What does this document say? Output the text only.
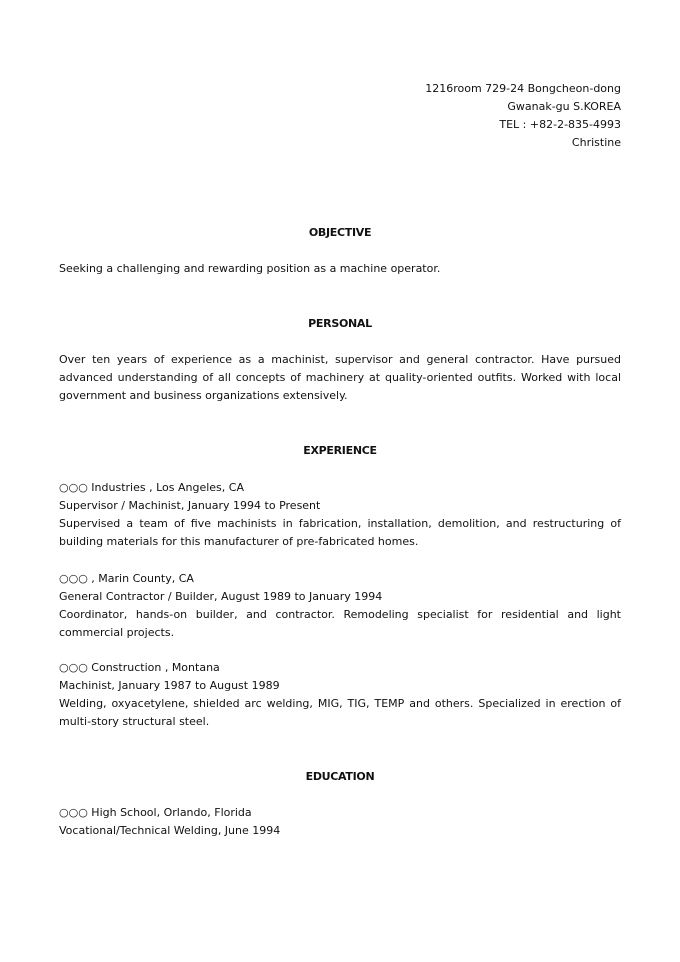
1216room 729-24 Bongcheon-dong
Gwanak-gu S.KOREA
TEL : +82-2-835-4993
Christine
OBJECTIVE
Seeking a challenging and rewarding position as a machine operator.
PERSONAL
Over ten years of experience as a machinist, supervisor and general contractor. Have pursued advanced understanding of all concepts of machinery at quality-oriented outfits. Worked with local government and business organizations extensively.
EXPERIENCE
○○○ Industries , Los Angeles, CA
Supervisor / Machinist, January 1994 to Present
Supervised a team of five machinists in fabrication, installation, demolition, and restructuring of building materials for this manufacturer of pre-fabricated homes.
○○○ , Marin County, CA
General Contractor / Builder, August 1989 to January 1994
Coordinator, hands-on builder, and contractor. Remodeling specialist for residential and light commercial projects.
○○○ Construction , Montana
Machinist, January 1987 to August 1989
Welding, oxyacetylene, shielded arc welding, MIG, TIG, TEMP and others. Specialized in erection of multi-story structural steel.
EDUCATION
○○○ High School, Orlando, Florida
Vocational/Technical Welding, June 1994
